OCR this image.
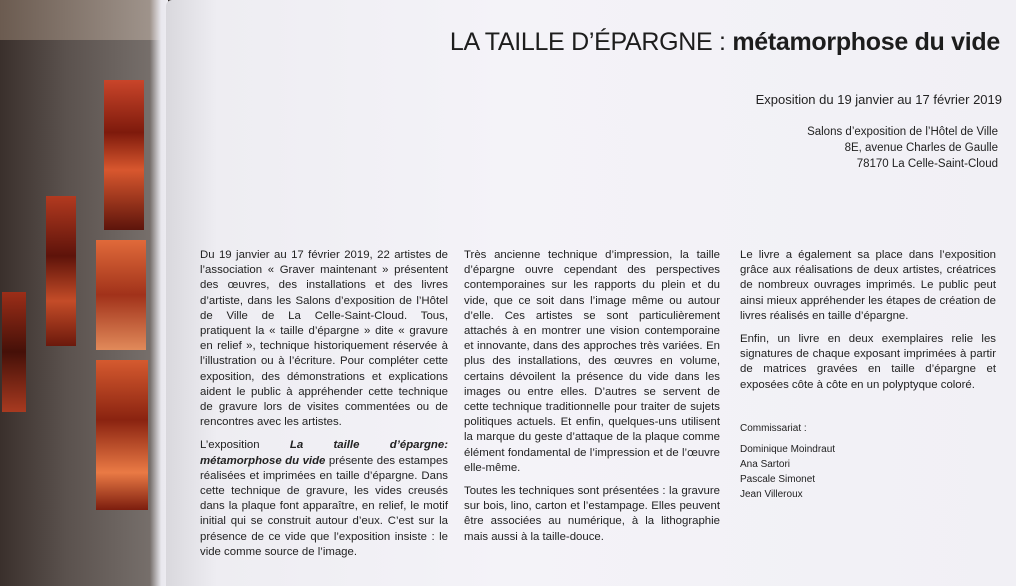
LA TAILLE D’ÉPARGNE : métamorphose du vide
Exposition du 19 janvier au 17 février 2019
Salons d’exposition de l’Hôtel de Ville
8E, avenue Charles de Gaulle
78170 La Celle-Saint-Cloud

Du 19 janvier au 17 février 2019, 22 artistes de l’association « Graver maintenant » présentent des œuvres, des installations et des livres d’artiste, dans les Salons d’exposition de l’Hôtel de Ville de La Celle-Saint-Cloud. Tous, pratiquent la « taille d’épargne » dite « gravure en relief », technique historiquement réservée à l’illustration ou à l’écriture. Pour compléter cette exposition, des démonstrations et explications aident le public à appréhender cette technique de gravure lors de visites commentées ou de rencontres avec les artistes.

L’exposition La taille d’épargne: métamorphose du vide présente des estampes réalisées et imprimées en taille d’épargne. Dans cette technique de gravure, les vides creusés dans la plaque font apparaître, en relief, le motif initial qui se construit autour d’eux. C’est sur la présence de ce vide que l’exposition insiste : le vide comme source de l’image.

Très ancienne technique d’impression, la taille d’épargne ouvre cependant des perspectives contemporaines sur les rapports du plein et du vide, que ce soit dans l’image même ou autour d’elle. Ces artistes se sont particulièrement attachés à en montrer une vision contemporaine et innovante, dans des approches très variées. En plus des installations, des œuvres en volume, certains dévoilent la présence du vide dans les images ou entre elles. D’autres se servent de cette technique traditionnelle pour traiter de sujets politiques actuels. Et enfin, quelques-uns utilisent la marque du geste d’attaque de la plaque comme élément fondamental de l’impression et de l’œuvre elle-même.

Toutes les techniques sont présentées : la gravure sur bois, lino, carton et l’estampage. Elles peuvent être associées au numérique, à la lithographie mais aussi à la taille-douce.

Le livre a également sa place dans l’exposition grâce aux réalisations de deux artistes, créatrices de nombreux ouvrages imprimés. Le public peut ainsi mieux appréhender les étapes de création de livres réalisés en taille d’épargne.

Enfin, un livre en deux exemplaires relie les signatures de chaque exposant imprimées à partir de matrices gravées en taille d’épargne et exposées côte à côte en un polyptyque coloré.

Commissariat :
Dominique Moindraut
Ana Sartori
Pascale Simonet
Jean Villeroux
